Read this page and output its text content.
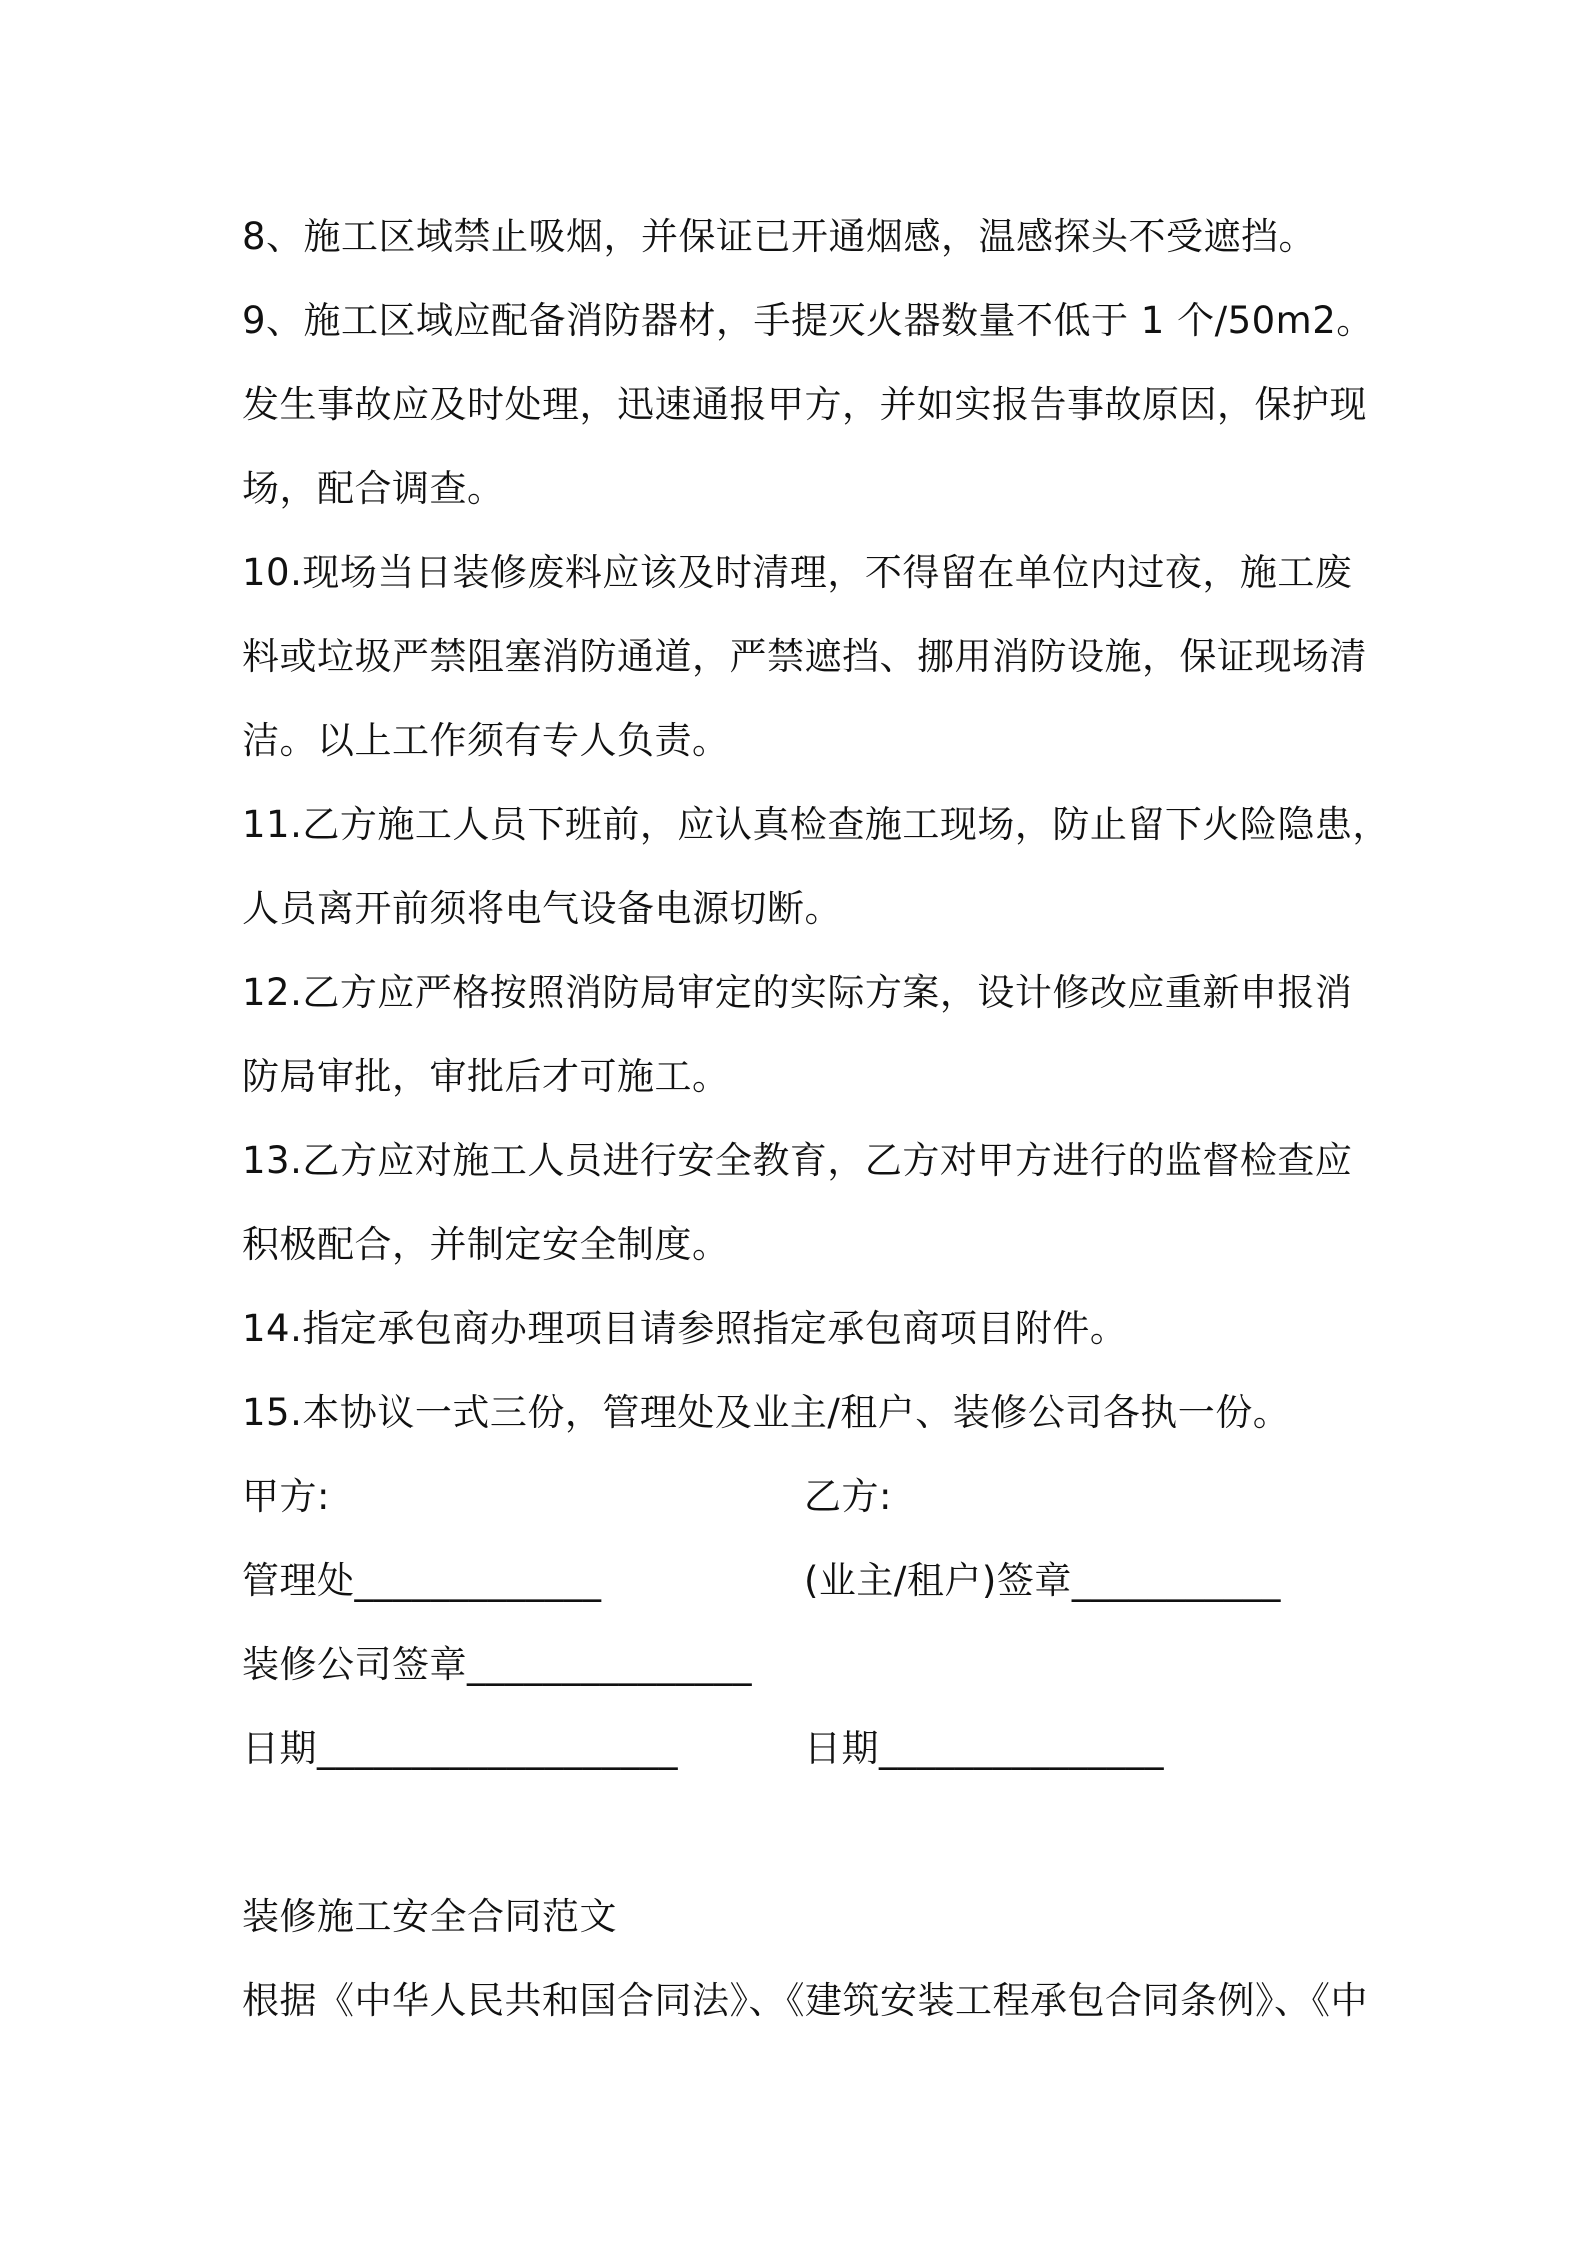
8、施工区域禁止吸烟，并保证已开通烟感，温感探头不受遮挡。
9、施工区域应配备消防器材，手提灭火器数量不低于 1 个/50m2。
发生事故应及时处理，迅速通报甲方，并如实报告事故原因，保护现
场，配合调查。
10.现场当日装修废料应该及时清理，不得留在单位内过夜，施工废
料或垃圾严禁阻塞消防通道，严禁遮挡、挪用消防设施，保证现场清
洁。以上工作须有专人负责。
11.乙方施工人员下班前，应认真检查施工现场，防止留下火险隐患，
人员离开前须将电气设备电源切断。
12.乙方应严格按照消防局审定的实际方案，设计修改应重新申报消
防局审批，审批后才可施工。
13.乙方应对施工人员进行安全教育，乙方对甲方进行的监督检查应
积极配合，并制定安全制度。
14.指定承包商办理项目请参照指定承包商项目附件。
15.本协议一式三份，管理处及业主/租户、装修公司各执一份。
甲方:	乙方:
管理处_____________	(业主/租户)签章___________
装修公司签章_______________
日期___________________	日期_______________
装修施工安全合同范文
根据《中华人民共和国合同法》、《建筑安装工程承包合同条例》、《中
